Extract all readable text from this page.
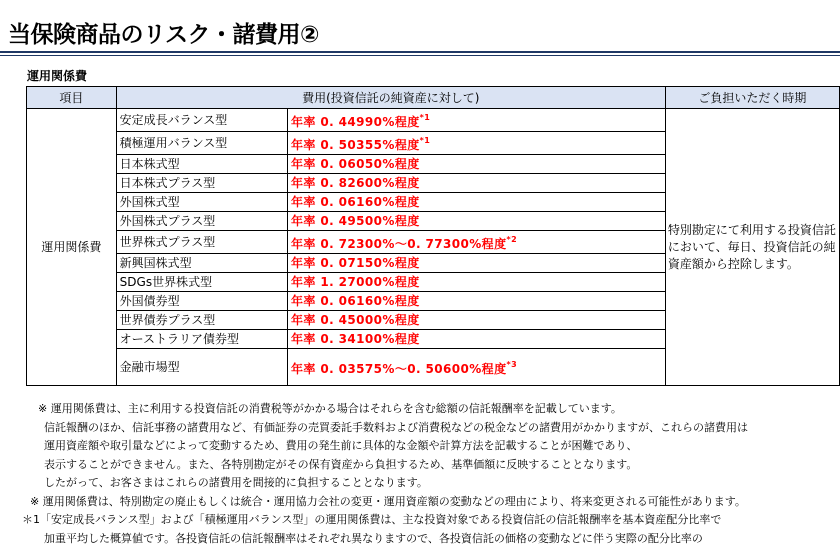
当保険商品のリスク・諸費用②
運用関係費
項目	費用(投資信託の純資産に対して)		ご負担いただく時期
運用関係費	安定成長バランス型	年率 0. 44990%程度$^{*1}$	特別勘定にて利用する投資信託において、毎日、投資信託の純資産額から控除します。
	積極運用バランス型	年率 0. 50355%程度$^{*1}$
	日本株式型	年率 0. 06050%程度	
	日本株式プラス型	年率 0. 82600%程度	
	外国株式型	年率 0. 06160%程度	
	外国株式プラス型	年率 0. 49500%程度	
	世界株式プラス型	年率 0. 72300%～0. 77300%程度$^{*2}$
	新興国株式型	年率 0. 07150%程度	
	SDGs世界株式型	年率 1. 27000%程度	
	外国債券型	年率 0. 06160%程度	
	世界債券プラス型	年率 0. 45000%程度	
	オーストラリア債券型	年率 0. 34100%程度	
	金融市場型	年率 0. 03575%～0. 50600%程度$^{*3}$
※ 運用関係費は、主に利用する投資信託の消費税等がかかる場合はそれらを含む総額の信託報酬率を記載しています。
信託報酬のほか、信託事務の諸費用など、有価証券の売買委託手数料および消費税などの税金などの諸費用がかかりますが、これらの諸費用は
運用資産額や取引量などによって変動するため、費用の発生前に具体的な金額や計算方法を記載することが困難であり、
表示することができません。また、各特別勘定がその保有資産から負担するため、基準価額に反映することとなります。
したがって、お客さまはこれらの諸費用を間接的に負担することとなります。
※ 運用関係費は、特別勘定の廃止もしくは統合・運用協力会社の変更・運用資産額の変動などの理由により、将来変更される可能性があります。
＊1「安定成長バランス型」および「積極運用バランス型」の運用関係費は、主な投資対象である投資信託の信託報酬率を基本資産配分比率で
加重平均した概算値です。各投資信託の信託報酬率はそれぞれ異なりますので、各投資信託の価格の変動などに伴う実際の配分比率の
